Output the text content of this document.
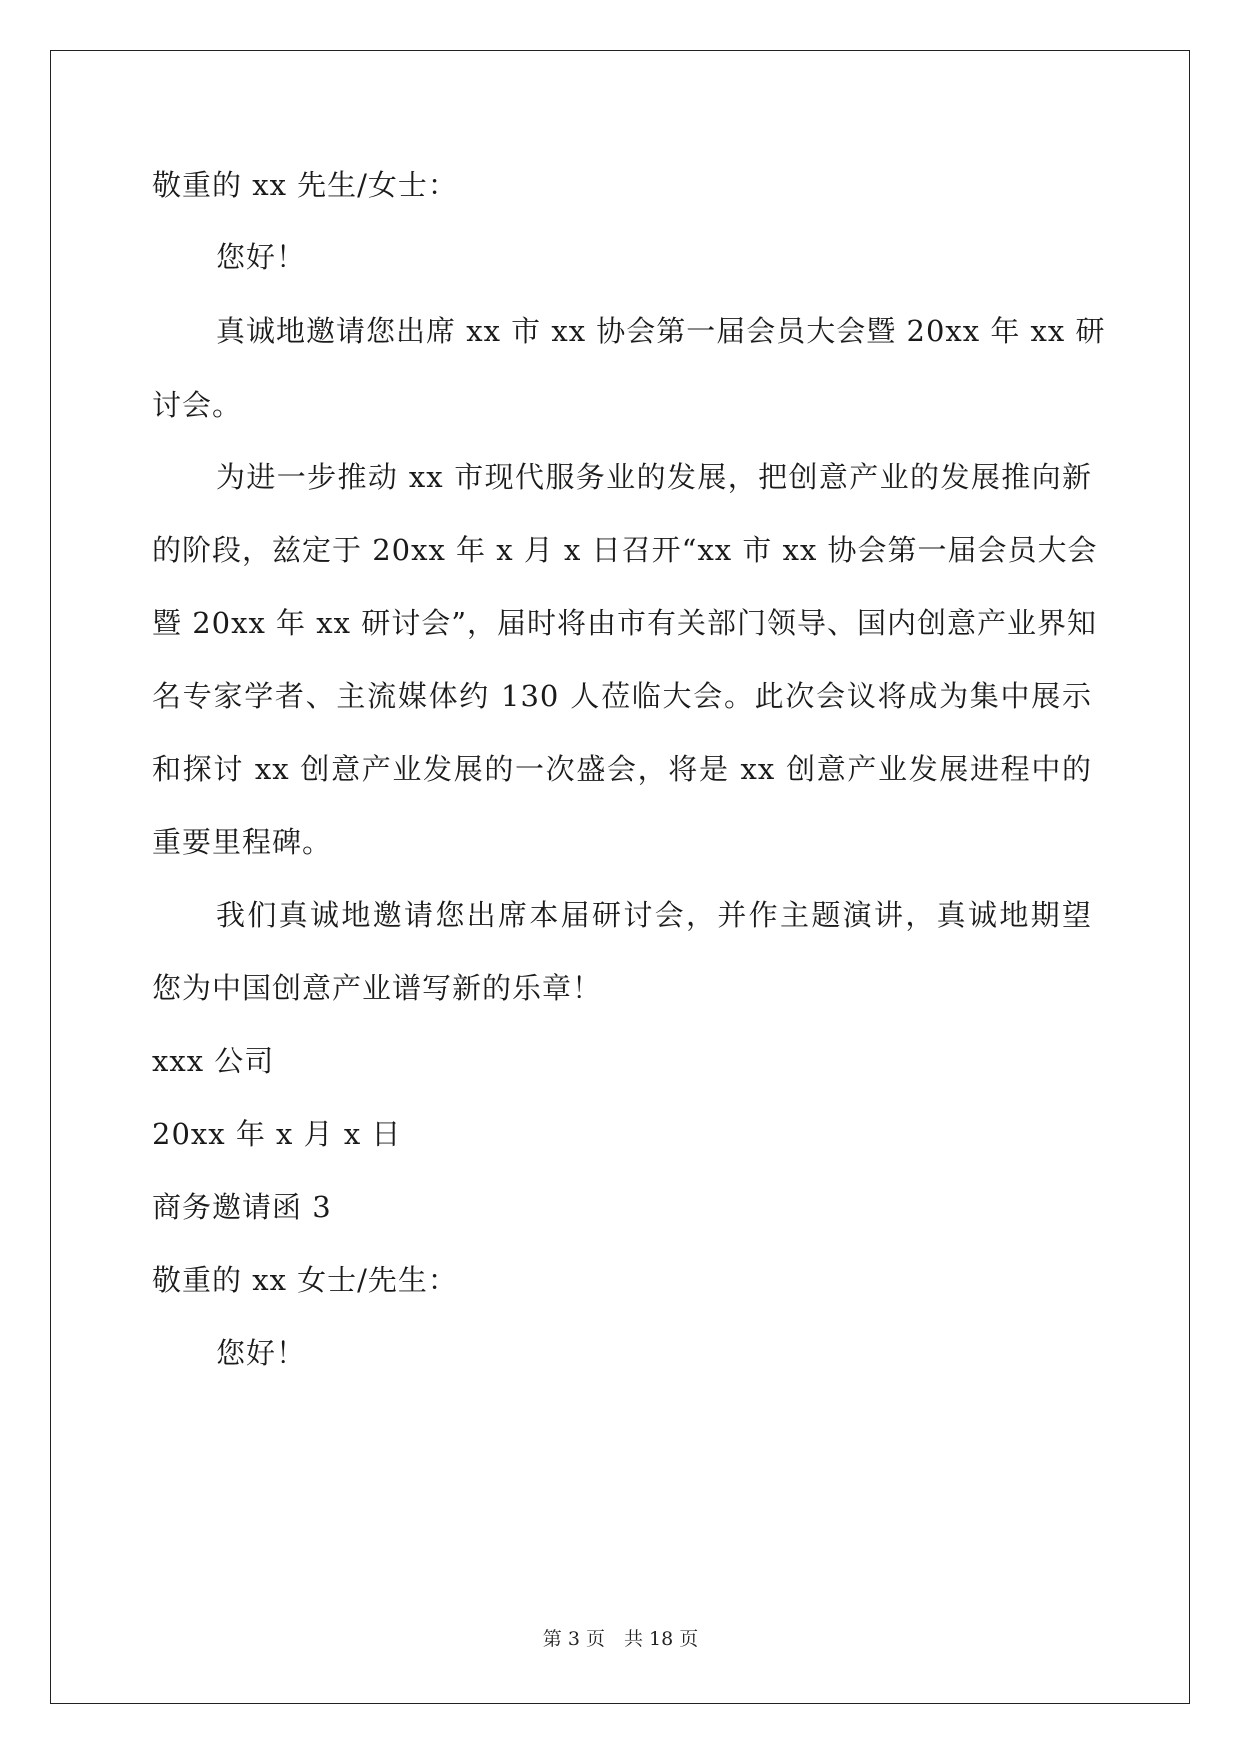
敬重的 xx 先生/女士：
您好！
真诚地邀请您出席 xx 市 xx 协会第一届会员大会暨 20xx 年 xx 研
讨会。
为进一步推动 xx 市现代服务业的发展，把创意产业的发展推向新
的阶段，兹定于 20xx 年 x 月 x 日召开“xx 市 xx 协会第一届会员大会
暨 20xx 年 xx 研讨会”，届时将由市有关部门领导、国内创意产业界知
名专家学者、主流媒体约 130 人莅临大会。此次会议将成为集中展示
和探讨 xx 创意产业发展的一次盛会，将是 xx 创意产业发展进程中的
重要里程碑。
我们真诚地邀请您出席本届研讨会，并作主题演讲，真诚地期望
您为中国创意产业谱写新的乐章！
xxx 公司
20xx 年 x 月 x 日
商务邀请函 3
敬重的 xx 女士/先生：
您好！
第 3 页　共 18 页
